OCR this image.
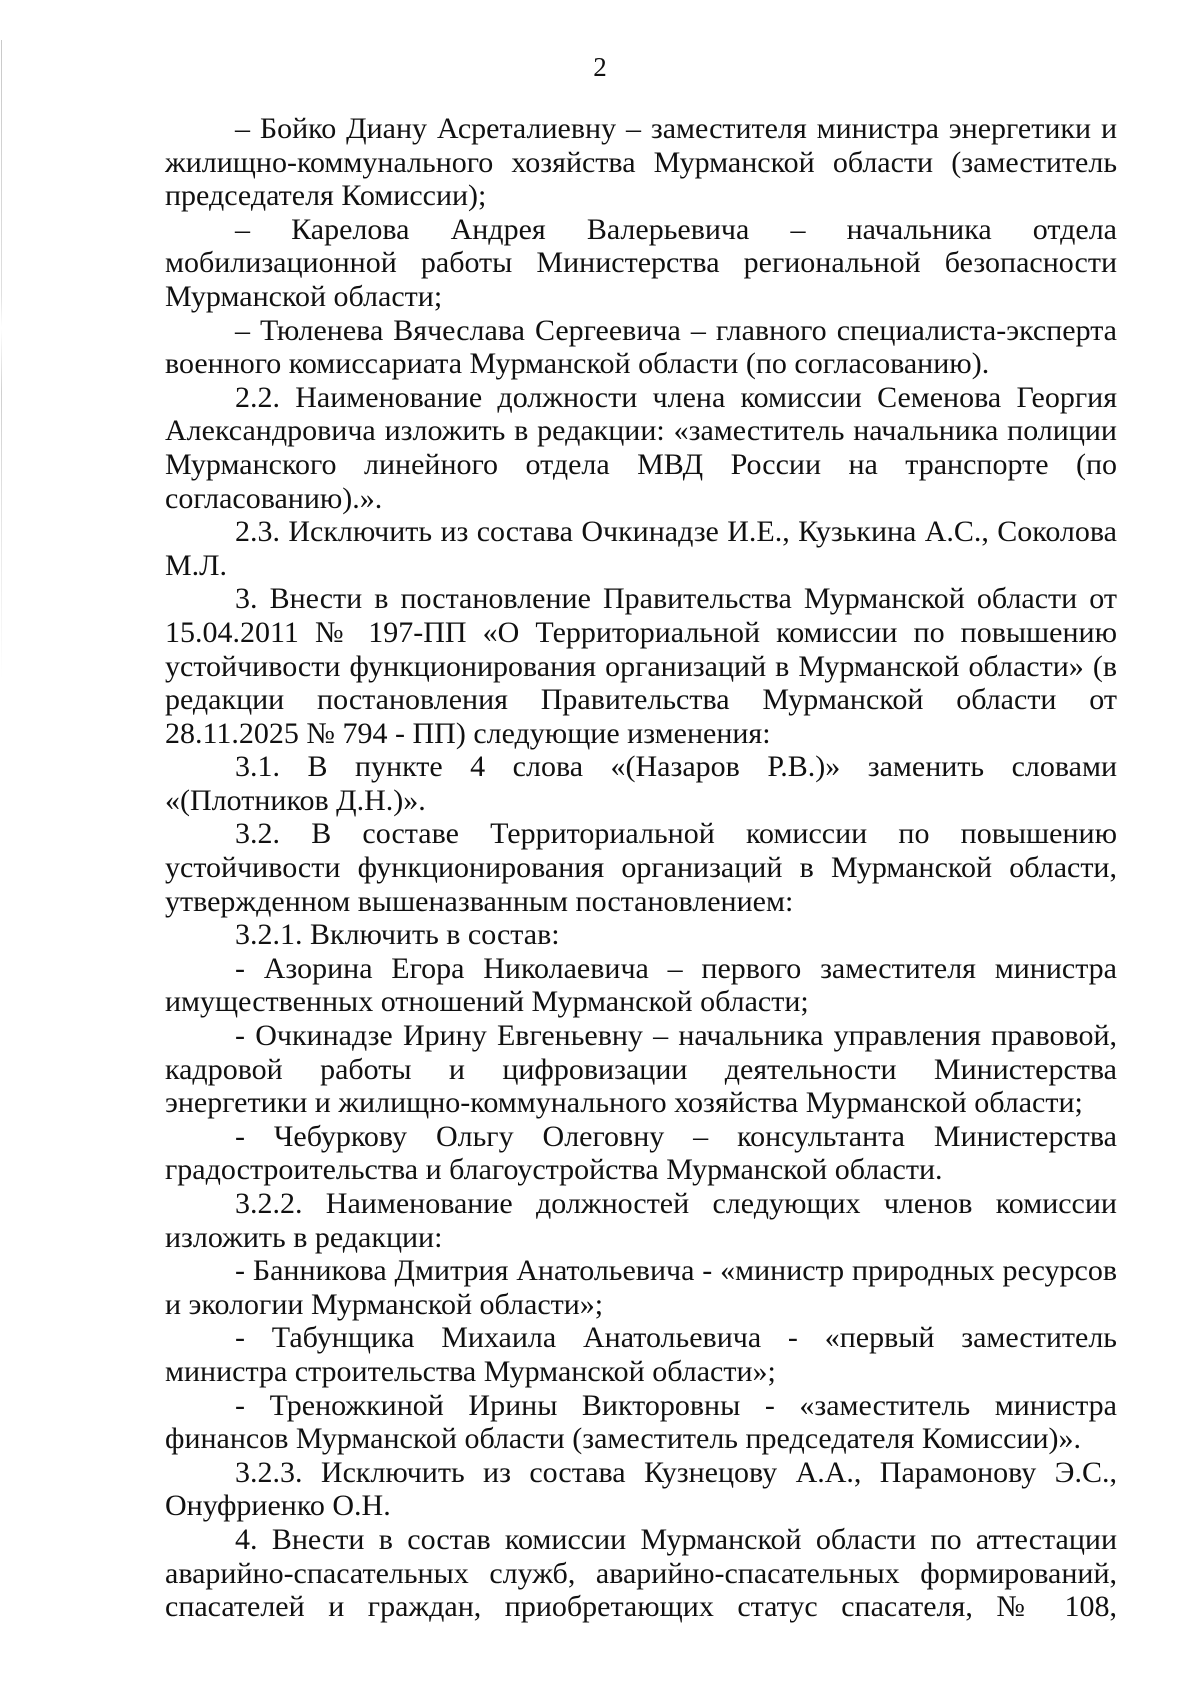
2

– Бойко Диану Асреталиевну – заместителя министра энергетики и жилищно-коммунального хозяйства Мурманской области (заместитель председателя Комиссии);

– Карелова Андрея Валерьевича – начальника отдела мобилизационной работы Министерства региональной безопасности Мурманской области;

– Тюленева Вячеслава Сергеевича – главного специалиста-эксперта военного комиссариата Мурманской области (по согласованию).

2.2. Наименование должности члена комиссии Семенова Георгия Александровича изложить в редакции: «заместитель начальника полиции Мурманского линейного отдела МВД России на транспорте (по согласованию).».

2.3. Исключить из состава Очкинадзе И.Е., Кузькина А.С., Соколова М.Л.

3. Внести в постановление Правительства Мурманской области от 15.04.2011 № 197-ПП «О Территориальной комиссии по повышению устойчивости функционирования организаций в Мурманской области» (в редакции постановления Правительства Мурманской области от 28.11.2025 № 794 - ПП) следующие изменения:

3.1. В пункте 4 слова «(Назаров Р.В.)» заменить словами «(Плотников Д.Н.)».

3.2. В составе Территориальной комиссии по повышению устойчивости функционирования организаций в Мурманской области, утвержденном вышеназванным постановлением:

3.2.1. Включить в состав:

- Азорина Егора Николаевича – первого заместителя министра имущественных отношений Мурманской области;

- Очкинадзе Ирину Евгеньевну – начальника управления правовой, кадровой работы и цифровизации деятельности Министерства энергетики и жилищно-коммунального хозяйства Мурманской области;

- Чебуркову Ольгу Олеговну – консультанта Министерства градостроительства и благоустройства Мурманской области.

3.2.2. Наименование должностей следующих членов комиссии изложить в редакции:

- Банникова Дмитрия Анатольевича - «министр природных ресурсов и экологии Мурманской области»;

- Табунщика Михаила Анатольевича - «первый заместитель министра строительства Мурманской области»;

- Треножкиной Ирины Викторовны - «заместитель министра финансов Мурманской области (заместитель председателя Комиссии)».

3.2.3. Исключить из состава Кузнецову А.А., Парамонову Э.С., Онуфриенко О.Н.

4. Внести в состав комиссии Мурманской области по аттестации аварийно-спасательных служб, аварийно-спасательных формирований, спасателей и граждан, приобретающих статус спасателя, № 108,
